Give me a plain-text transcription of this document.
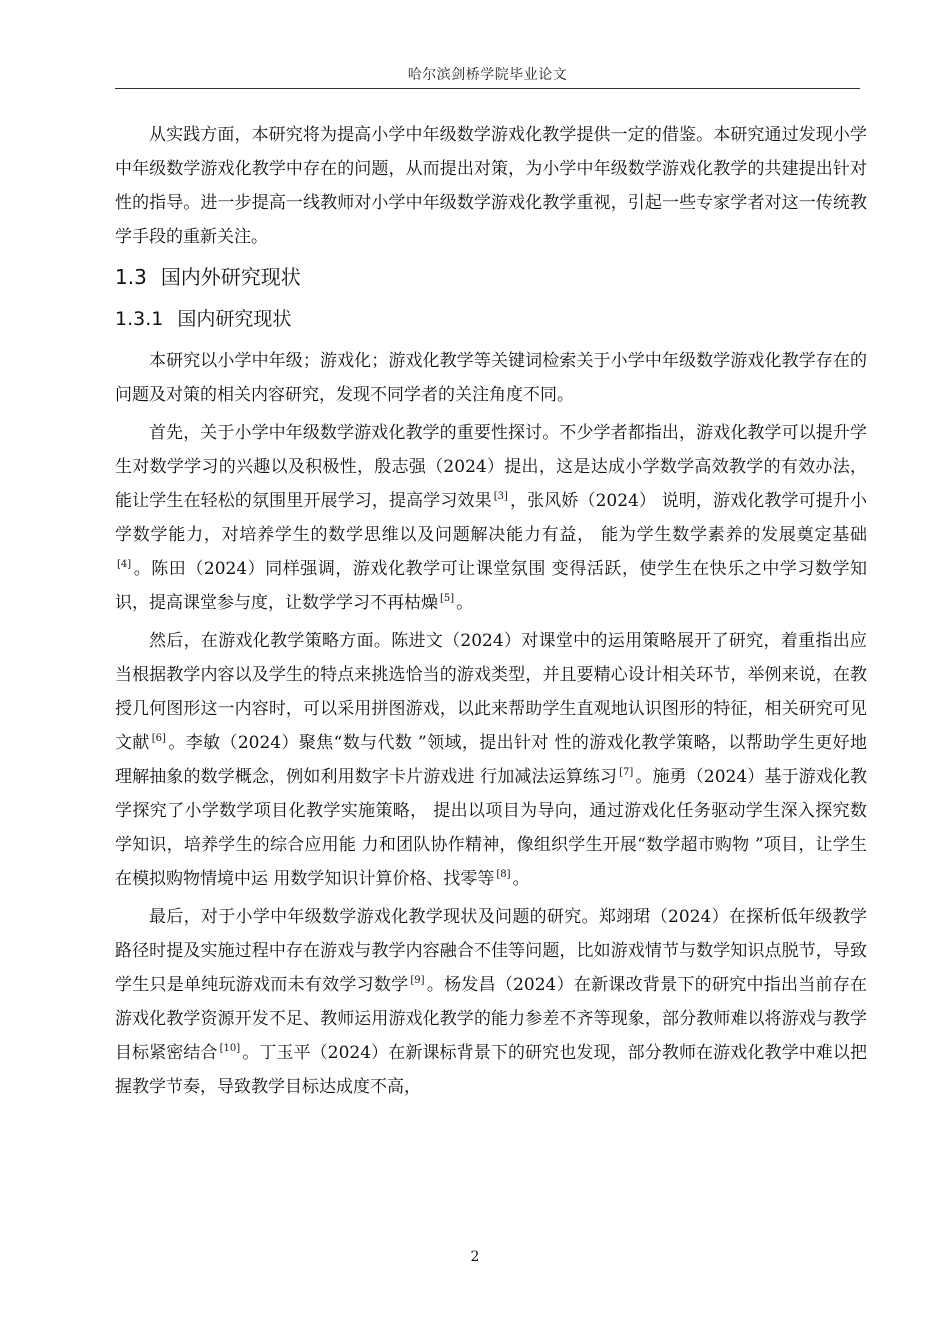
哈尔滨剑桥学院毕业论文

从实践方面，本研究将为提高小学中年级数学游戏化教学提供一定的借鉴。本研究通过发现小学中年级数学游戏化教学中存在的问题，从而提出对策，为小学中年级数学游戏化教学的共建提出针对性的指导。进一步提高一线教师对小学中年级数学游戏化教学重视，引起一些专家学者对这一传统教学手段的重新关注。

1.3 国内外研究现状
1.3.1 国内研究现状

本研究以小学中年级；游戏化；游戏化教学等关键词检索关于小学中年级数学游戏化教学存在的问题及对策的相关内容研究，发现不同学者的关注角度不同。

首先，关于小学中年级数学游戏化教学的重要性探讨。不少学者都指出，游戏化教学可以提升学生对数学学习的兴趣以及积极性，殷志强（2024）提出，这是达成小学数学高效教学的有效办法，能让学生在轻松的氛围里开展学习，提高学习效果 [3] ，张风娇（2024） 说明，游戏化教学可提升小学数学能力，对培养学生的数学思维以及问题解决能力有益， 能为学生数学素养的发展奠定基础[4] 。陈田（2024）同样强调，游戏化教学可让课堂氛围 变得活跃，使学生在快乐之中学习数学知识，提高课堂参与度，让数学学习不再枯燥 [5] 。

然后，在游戏化教学策略方面。陈进文（2024）对课堂中的运用策略展开了研究，着重指出应当根据教学内容以及学生的特点来挑选恰当的游戏类型，并且要精心设计相关环节，举例来说，在教授几何图形这一内容时，可以采用拼图游戏，以此来帮助学生直观地认识图形的特征，相关研究可见文献 [6] 。李敏（2024）聚焦“数与代数 ”领域，提出针对 性的游戏化教学策略，以帮助学生更好地理解抽象的数学概念，例如利用数字卡片游戏进 行加减法运算练习 [7] 。施勇（2024）基于游戏化教学探究了小学数学项目化教学实施策略， 提出以项目为导向，通过游戏化任务驱动学生深入探究数学知识，培养学生的综合应用能 力和团队协作精神，像组织学生开展“数学超市购物 ”项目，让学生在模拟购物情境中运 用数学知识计算价格、找零等 [8] 。

最后，对于小学中年级数学游戏化教学现状及问题的研究。郑翊珺（2024）在探析低年级教学路径时提及实施过程中存在游戏与教学内容融合不佳等问题，比如游戏情节与数学知识点脱节，导致学生只是单纯玩游戏而未有效学习数学 [9] 。杨发昌（2024）在新课改背景下的研究中指出当前存在游戏化教学资源开发不足、教师运用游戏化教学的能力参差不齐等现象，部分教师难以将游戏与教学目标紧密结合 [10] 。丁玉平（2024）在新课标背景下的研究也发现，部分教师在游戏化教学中难以把握教学节奏，导致教学目标达成度不高，

2
